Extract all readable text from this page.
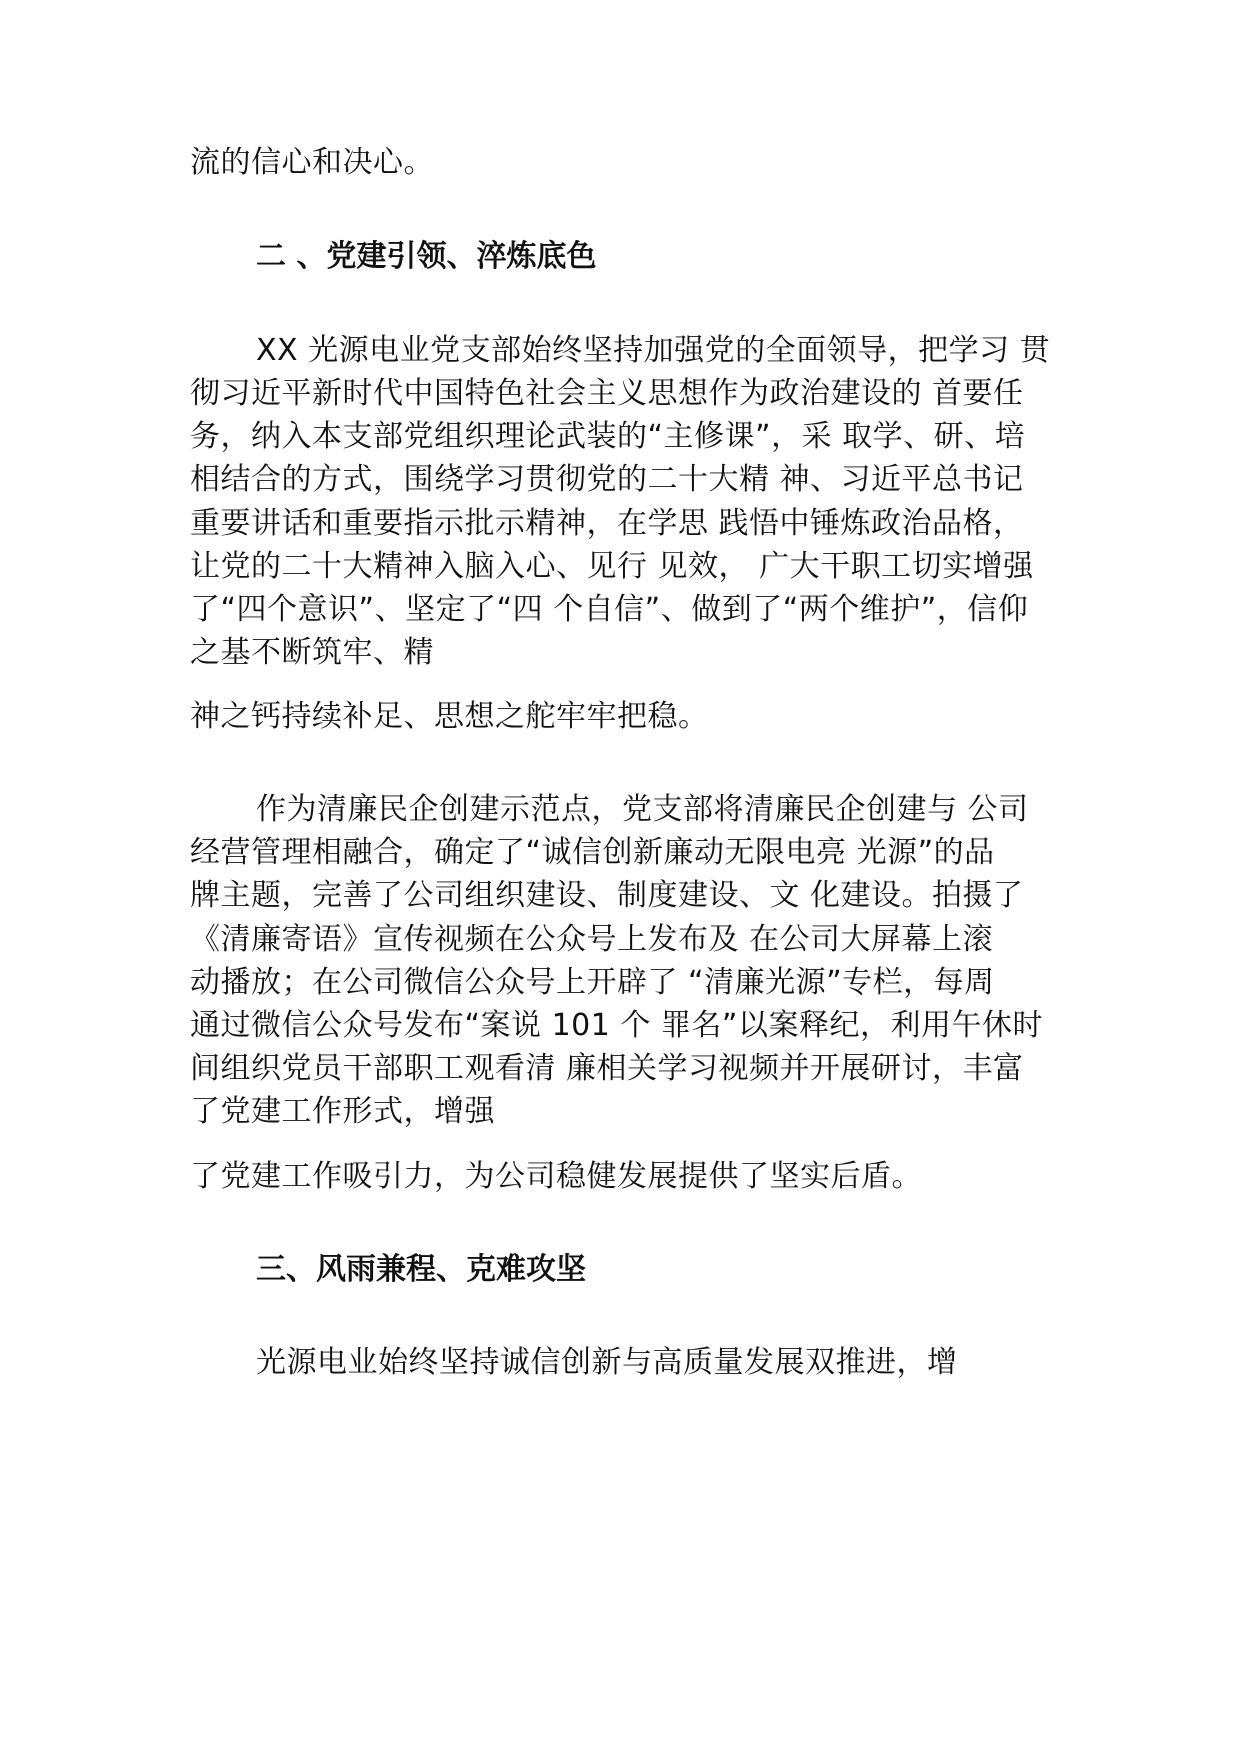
流的信心和决心。
二 、党建引领、淬炼底色
XX 光源电业党支部始终坚持加强党的全面领导，把学习 贯
彻习近平新时代中国特色社会主义思想作为政治建设的 首要任
务，纳入本支部党组织理论武装的“主修课”，采 取学、研、培
相结合的方式，围绕学习贯彻党的二十大精 神、习近平总书记
重要讲话和重要指示批示精神，在学思 践悟中锤炼政治品格，
让党的二十大精神入脑入心、见行 见效， 广大干职工切实增强
了“四个意识”、坚定了“四 个自信”、做到了“两个维护”，信仰
之基不断筑牢、精
神之钙持续补足、思想之舵牢牢把稳。
作为清廉民企创建示范点，党支部将清廉民企创建与 公司
经营管理相融合，确定了“诚信创新廉动无限电亮 光源”的品
牌主题，完善了公司组织建设、制度建设、文 化建设。拍摄了
《清廉寄语》宣传视频在公众号上发布及 在公司大屏幕上滚
动播放；在公司微信公众号上开辟了 “清廉光源”专栏，每周
通过微信公众号发布“案说 101 个 罪名”以案释纪，利用午休时
间组织党员干部职工观看清 廉相关学习视频并开展研讨，丰富
了党建工作形式，增强
了党建工作吸引力，为公司稳健发展提供了坚实后盾。
三、风雨兼程、克难攻坚
光源电业始终坚持诚信创新与高质量发展双推进，增
